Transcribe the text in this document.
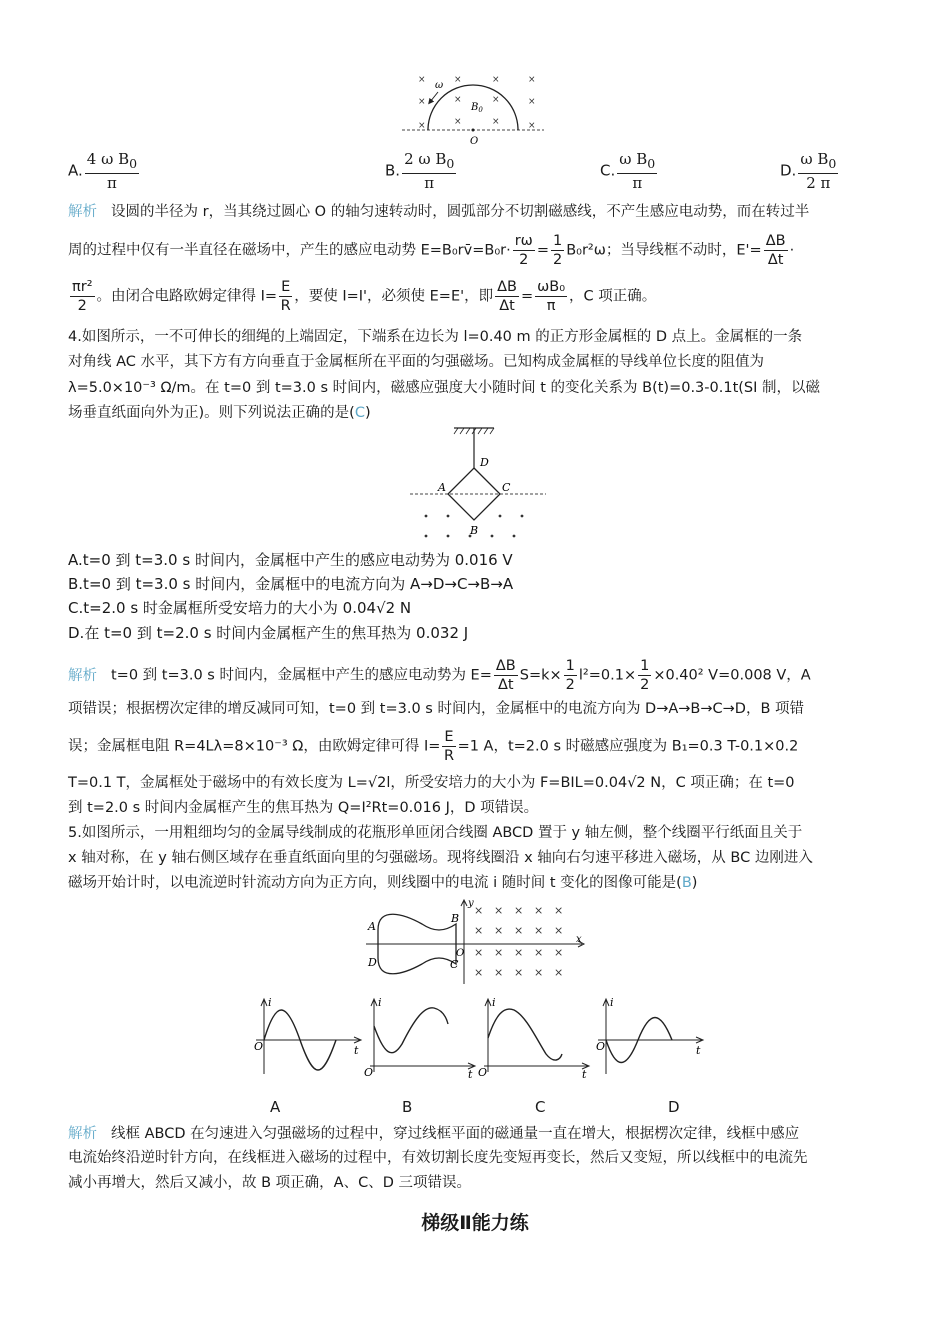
×	×	×	×
×	×	×	×
×	×	×	×
ω
$B_0$
O
A. $\frac{4 \omega B_0}{\pi}$	B. $\frac{2 \omega B_0}{\pi}$	C. $\frac{\omega B_0}{\pi}$	D. $\frac{\omega B_0}{2 \pi}$
解析 设圆的半径为 r，当其绕过圆心 O 的轴匀速转动时，圆弧部分不切割磁感线，不产生感应电动势，而在转过半
周的过程中仅有一半直径在磁场中，产生的感应电动势 E=B₀rv̄=B₀r· $\frac{r\omega}{2} = \frac{1}{2} B_0r^2\omega$；当导线框不动时，$E'= \frac{\Delta B}{\Delta t}$ ·
$\frac{\text{πr²}}{2}$ 。由闭合电路欧姆定律得 $I= \frac{E}{R}$ ，要使 I=I'，必须使 E=E'，即 $\frac{\Delta B}{\Delta t} = \frac{\text{ωB₀}}{\pi}$ ，C 项正确。
4.如图所示，一不可伸长的细绳的上端固定，下端系在边长为 l=0.40 m 的正方形金属框的 D 点上。金属框的一条
对角线 AC 水平，其下方有方向垂直于金属框所在平面的匀强磁场。已知构成金属框的导线单位长度的阻值为
λ=5.0×10⁻³ Ω/m。在 t=0 到 t=3.0 s 时间内，磁感应强度大小随时间 t 的变化关系为 B(t)=0.3-0.1t(SI 制，以磁
场垂直纸面向外为正)。则下列说法正确的是(C)
D
A	C
B
A.t=0 到 t=3.0 s 时间内，金属框中产生的感应电动势为 0.016 V
B.t=0 到 t=3.0 s 时间内，金属框中的电流方向为 A→D→C→B→A
C.t=2.0 s 时金属框所受安培力的大小为 0.04√2 N
D.在 t=0 到 t=2.0 s 时间内金属框产生的焦耳热为 0.032 J
解析 t=0 到 t=3.0 s 时间内，金属框中产生的感应电动势为 $E= \frac{\Delta B}{\Delta t} S=k\times \frac{1}{2} l^2=0.1\times \frac{1}{2} \times 0.40^2$ V=0.008 V，A
项错误；根据楞次定律的增反减同可知，t=0 到 t=3.0 s 时间内，金属框中的电流方向为 D→A→B→C→D，B 项错
误；金属框电阻 R=4Lλ=8×10⁻³ Ω，由欧姆定律可得 $I= \frac{E}{R} =1$ A，t=2.0 s 时磁感应强度为 B₁=0.3 T-0.1×0.2
T=0.1 T，金属框处于磁场中的有效长度为 L=√2l，所受安培力的大小为 F=BIL=0.04√2 N，C 项正确；在 t=0
到 t=2.0 s 时间内金属框产生的焦耳热为 Q=I²Rt=0.016 J，D 项错误。
5.如图所示，一用粗细均匀的金属导线制成的花瓶形单匝闭合线圈 ABCD 置于 y 轴左侧，整个线圈平行纸面且关于
x 轴对称，在 y 轴右侧区域存在垂直纸面向里的匀强磁场。现将线圈沿 x 轴向右匀速平移进入磁场，从 BC 边刚进入
磁场开始计时，以电流逆时针流动方向为正方向，则线圈中的电流 i 随时间 t 变化的图像可能是(B)
× × × × ×
× × × × ×
× × × × ×
× × × × ×
A
D
B
C
y
x
O
i
t
O
i
t
O
i
t
O
i
t
O
A	B	C	D
解析 线框 ABCD 在匀速进入匀强磁场的过程中，穿过线框平面的磁通量一直在增大，根据楞次定律，线框中感应
电流始终沿逆时针方向，在线框进入磁场的过程中，有效切割长度先变短再变长，然后又变短，所以线框中的电流先
减小再增大，然后又减小，故 B 项正确，A、C、D 三项错误。
梯级Ⅱ能力练
